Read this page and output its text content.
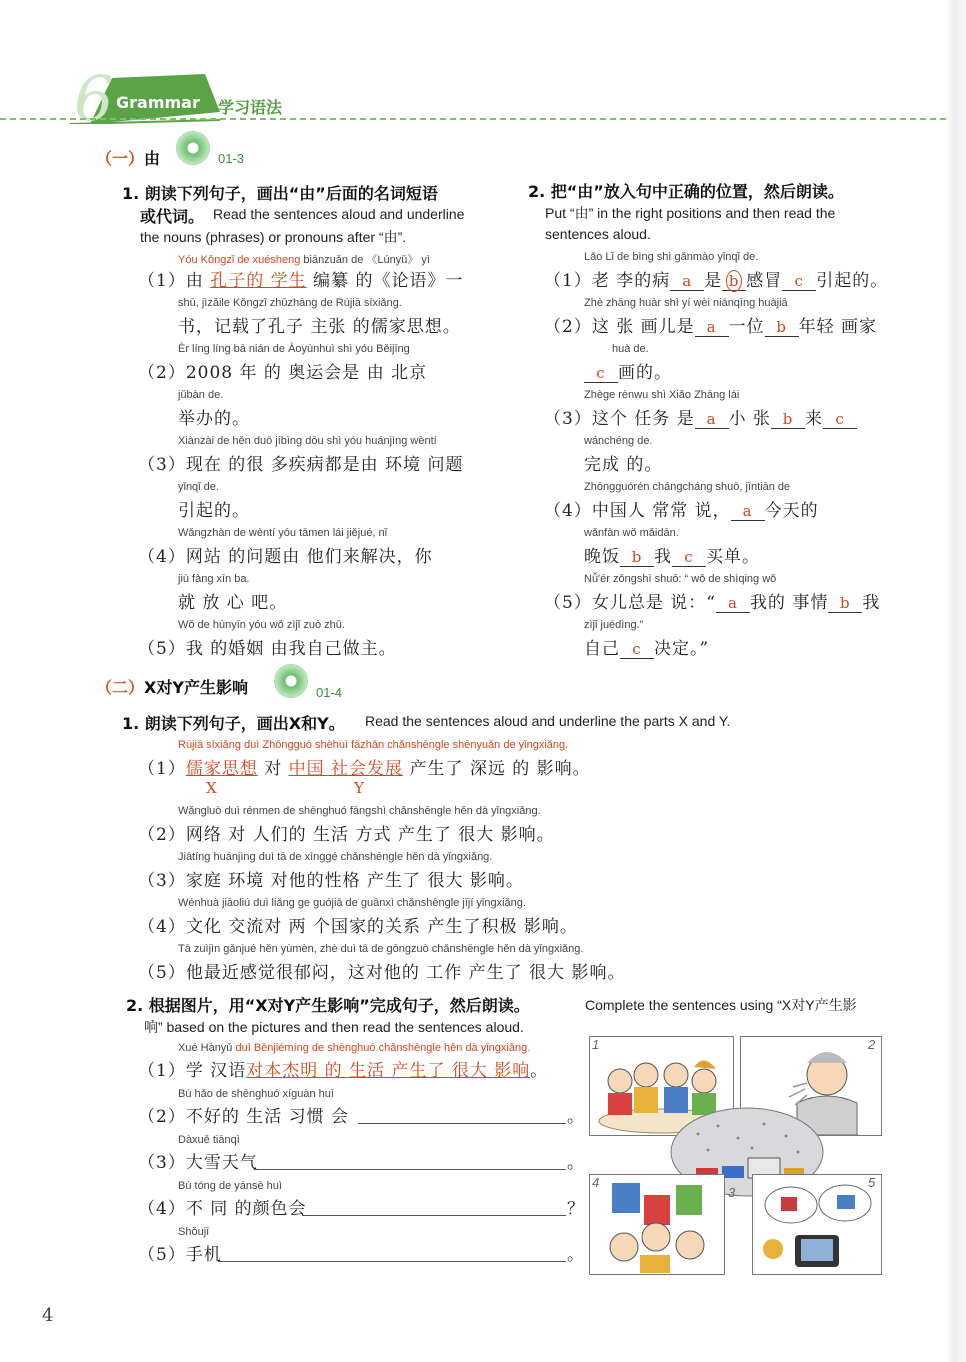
6 Grammar 学习语法
（一）由	01-3
1. 朗读下列句子，画出“由”后面的名词短语
或代词。 Read the sentences aloud and underline
the nouns (phrases) or pronouns after “由”.
Yóu Kǒngzǐ de xuésheng biānzuǎn de 《Lúnyǔ》 yì
（1）由 孔子的 学生 编纂 的《论语》一
shū, jìzǎile Kǒngzǐ zhǔzhāng de Rújiā sīxiǎng.
书，记载了孔子 主张 的儒家思想。
Èr líng líng bā nián de Àoyùnhuì shì yóu Běijīng
（2）2008 年 的 奥运会是 由 北京
jǔbàn de.
举办的。
Xiànzài de hěn duō jíbìng dōu shì yóu huánjìng wèntí
（3）现在 的很 多疾病都是由 环境 问题
yǐnqǐ de.
引起的。
Wǎngzhàn de wèntí yóu tāmen lái jiějué, nǐ
（4）网站 的问题由 他们来解决，你
jiù fàng xīn ba.
就 放 心 吧。
Wǒ de hūnyīn yóu wǒ zìjǐ zuò zhǔ.
（5）我 的婚姻 由我自己做主。
2. 把“由”放入句中正确的位置，然后朗读。
Put “由” in the right positions and then read the
sentences aloud.
Lǎo Lǐ de bìng shì gǎnmào yǐnqǐ de.
（1）老 李的病 a 是 b 感冒 c 引起的。
Zhè zhāng huàr shì yí wèi niánqīng huàjiā
（2）这 张 画儿是 a 一位 b 年轻 画家
huà de.
c 画的。
Zhège rènwu shì Xiǎo Zhāng lái
（3）这个 任务 是 a 小 张 b 来 c
wánchéng de.
完成 的。
Zhōngguórén chángcháng shuō, jīntiān de
（4）中国人 常常 说， a 今天的
wǎnfàn wǒ mǎidān.
晚饭 b 我 c 买单。
Nǚ'ér zǒngshì shuō: “ wǒ de shìqing wǒ
（5）女儿总是 说：“ a 我的 事情 b 我
zìjǐ juédìng.”
自己 c 决定。”
（二）X对Y产生影响	01-4
1. 朗读下列句子，画出X和Y。 Read the sentences aloud and underline the parts X and Y.
Rújiā sīxiǎng duì Zhōngguó shèhuì fāzhǎn chǎnshēngle shēnyuǎn de yǐngxiǎng.
（1）儒家思想 对 中国 社会发展 产生了 深远 的 影响。
X	Y
Wǎngluò duì rénmen de shēnghuó fāngshì chǎnshēngle hěn dà yǐngxiǎng.
（2）网络 对 人们的 生活 方式 产生了 很大 影响。
Jiātíng huánjìng duì tā de xìnggé chǎnshēngle hěn dà yǐngxiǎng.
（3）家庭 环境 对他的性格 产生了 很大 影响。
Wénhuà jiāoliú duì liǎng ge guójiā de guānxì chǎnshēngle jījí yǐngxiǎng.
（4）文化 交流对 两 个国家的关系 产生了积极 影响。
Tā zuìjìn gǎnjué hěn yùmèn, zhè duì tā de gōngzuò chǎnshēngle hěn dà yǐngxiǎng.
（5）他最近感觉很郁闷，这对他的 工作 产生了 很大 影响。
2. 根据图片，用“X对Y产生影响”完成句子，然后朗读。	Complete the sentences using “X对Y产生影
响” based on the pictures and then read the sentences aloud.
Xué Hànyǔ duì Běnjiémíng de shēnghuó chǎnshēngle hěn dà yǐngxiǎng.
（1）学 汉语对本杰明 的 生活 产生了 很大 影响。
Bù hǎo de shēnghuó xíguàn huì
（2）不好的 生活 习惯 会	。
Dàxuě tiānqì
（3）大雪天气	。
Bù tóng de yánsè huì
（4）不 同 的颜色会	？
Shǒujī
（5）手机	。
1	2
3
4	5
4
